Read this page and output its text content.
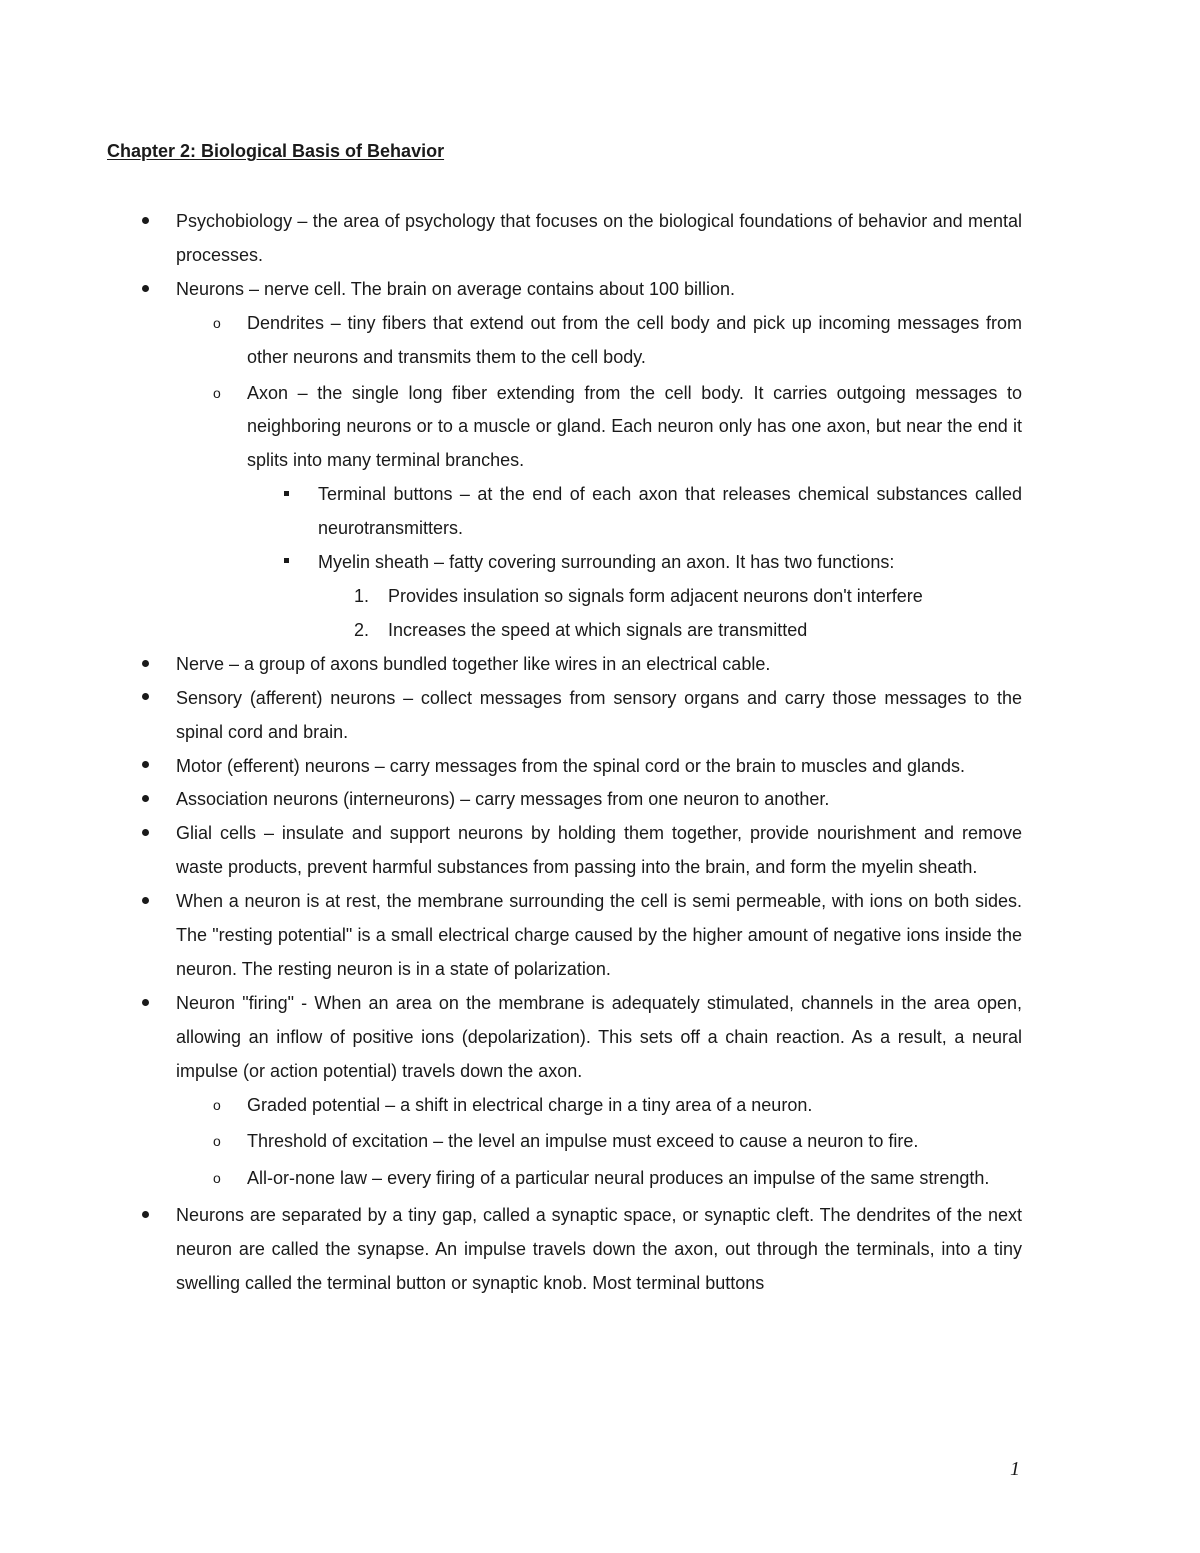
Chapter 2: Biological Basis of Behavior
Psychobiology – the area of psychology that focuses on the biological foundations of behavior and mental processes.
Neurons – nerve cell. The brain on average contains about 100 billion.
o Dendrites – tiny fibers that extend out from the cell body and pick up incoming messages from other neurons and transmits them to the cell body.
o Axon – the single long fiber extending from the cell body. It carries outgoing messages to neighboring neurons or to a muscle or gland. Each neuron only has one axon, but near the end it splits into many terminal branches.
Terminal buttons – at the end of each axon that releases chemical substances called neurotransmitters.
Myelin sheath – fatty covering surrounding an axon. It has two functions:
1. Provides insulation so signals form adjacent neurons don't interfere
2. Increases the speed at which signals are transmitted
Nerve – a group of axons bundled together like wires in an electrical cable.
Sensory (afferent) neurons – collect messages from sensory organs and carry those messages to the spinal cord and brain.
Motor (efferent) neurons – carry messages from the spinal cord or the brain to muscles and glands.
Association neurons (interneurons) – carry messages from one neuron to another.
Glial cells – insulate and support neurons by holding them together, provide nourishment and remove waste products, prevent harmful substances from passing into the brain, and form the myelin sheath.
When a neuron is at rest, the membrane surrounding the cell is semi permeable, with ions on both sides. The "resting potential" is a small electrical charge caused by the higher amount of negative ions inside the neuron. The resting neuron is in a state of polarization.
Neuron "firing" - When an area on the membrane is adequately stimulated, channels in the area open, allowing an inflow of positive ions (depolarization). This sets off a chain reaction. As a result, a neural impulse (or action potential) travels down the axon.
o Graded potential – a shift in electrical charge in a tiny area of a neuron.
o Threshold of excitation – the level an impulse must exceed to cause a neuron to fire.
o All-or-none law – every firing of a particular neural produces an impulse of the same strength.
Neurons are separated by a tiny gap, called a synaptic space, or synaptic cleft. The dendrites of the next neuron are called the synapse. An impulse travels down the axon, out through the terminals, into a tiny swelling called the terminal button or synaptic knob. Most terminal buttons
1
